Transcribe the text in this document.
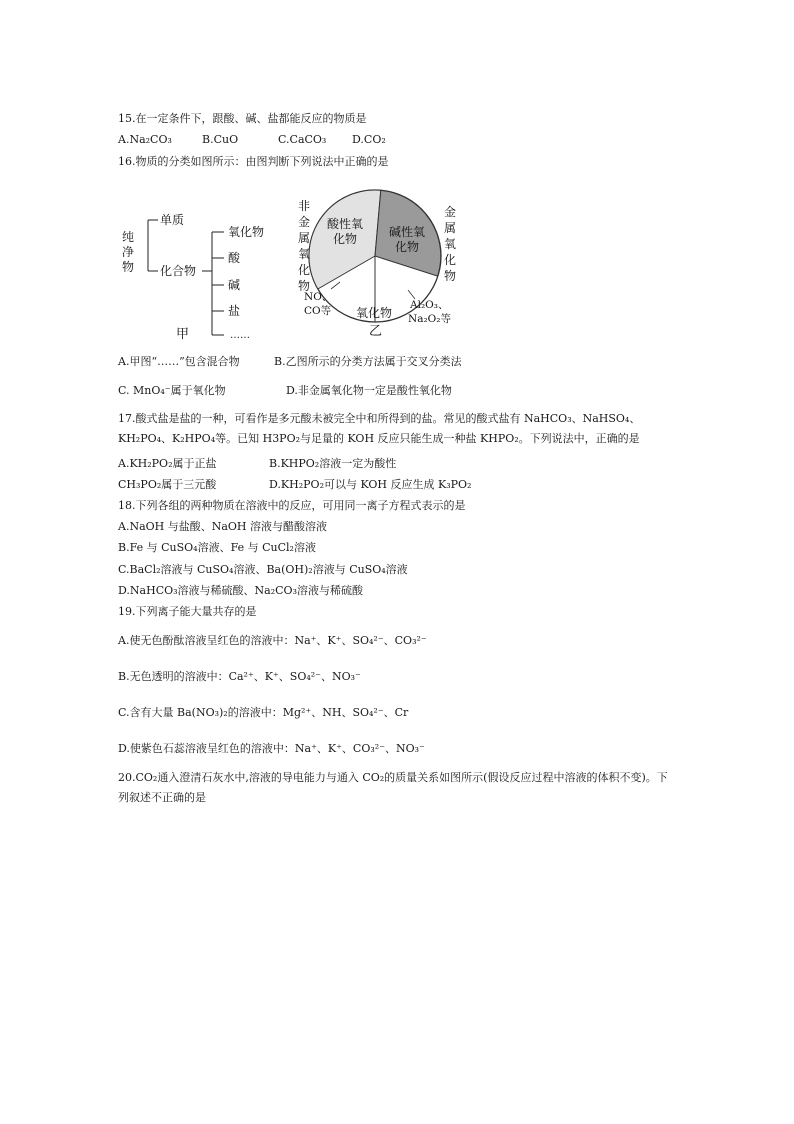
15.在一定条件下，跟酸、碱、盐都能反应的物质是
A.Na₂CO₃	B.CuO	C.CaCO₃ D.CO₂
16.物质的分类如图所示：由图判断下列说法中正确的是
纯
净
物
单质
化合物
氧化物
酸
碱
盐
……
甲
非
金
属
氧
化
物
金
属
氧
化
物
酸性氧
化物	碱性氧
化物
氧化物
乙
NO、
CO等	Al₂O₃、
Na₂O₂等
A.甲图“……”包含混合物	B.乙图所示的分类方法属于交叉分类法
C. MnO₄⁻属于氧化物	D.非金属氧化物一定是酸性氧化物
17.酸式盐是盐的一种，可看作是多元酸未被完全中和所得到的盐。常见的酸式盐有 NaHCO₃、NaHSO₄、KH₂PO₄、K₂HPO₄等。已知 H3PO₂与足量的 KOH 反应只能生成一种盐 KHPO₂。下列说法中，正确的是
A.KH₂PO₂属于正盐	B.KHPO₂溶液一定为酸性
CH₃PO₂属于三元酸	D.KH₂PO₂可以与 KOH 反应生成 K₃PO₂
18.下列各组的两种物质在溶液中的反应，可用同一离子方程式表示的是
A.NaOH 与盐酸、NaOH 溶液与醋酸溶液
B.Fe 与 CuSO₄溶液、Fe 与 CuCl₂溶液
C.BaCl₂溶液与 CuSO₄溶液、Ba(OH)₂溶液与 CuSO₄溶液
D.NaHCO₃溶液与稀硫酸、Na₂CO₃溶液与稀硫酸
19.下列离子能大量共存的是
A.使无色酚酞溶液呈红色的溶液中：Na⁺、K⁺、SO₄²⁻、CO₃²⁻
B.无色透明的溶液中：Ca²⁺、K⁺、SO₄²⁻、NO₃⁻
C.含有大量 Ba(NO₃)₂的溶液中：Mg²⁺、NH、SO₄²⁻、Cr
D.使紫色石蕊溶液呈红色的溶液中：Na⁺、K⁺、CO₃²⁻、NO₃⁻
20.CO₂通入澄清石灰水中,溶液的导电能力与通入 CO₂的质量关系如图所示(假设反应过程中溶液的体积不变)。下列叙述不正确的是
